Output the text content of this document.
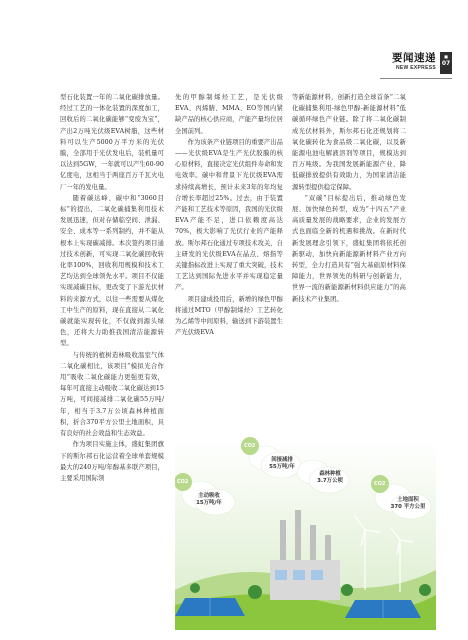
要闻速递
NEW EXPRESS
■
07

型石化装置一年的二氧化碳排放量。经过工艺的一体化装置的深度加工，回收后的二氧化碳能够“变废为宝”，产出2万吨光伏级EVA树脂，这些材料可以生产5000万平方米的光伏膜，全部用于光伏发电后，装机量可以达到5GW，一年就可以产生60-90亿度电，这相当于两座百万千瓦火电厂一年的发电量。

随着碳达峰、碳中和“3060目标”的提出，二氧化碳捕集利用技术发展迅速，但对存储临空间、泄漏、安全、成本等一系列制约，并不能从根本上实现碳减排。本次签约项目通过技术创新，可实现二氧化碳回收转化率100%，回收利用规模和技术工艺均达到全球领先水平。项目不仅能实现减碳目标，更改变了下游光伏材料的来源方式，以往一些需要从煤化工中生产的原料，现在直接从二氧化碳就能实现转化，不仅做到源头绿色，还将大力助推我国清洁能源转型。

与传统的植树造林吸收温室气体二氧化碳相比，该项目“模拟光合作用”吸收二氧化碳能力更强更有效，每年可直接主动吸收二氧化碳达到15万吨，可间接减排二氧化碳55万吨/年，相当于3.7万公顷森林种植面积，折合370平方公里土地面积，具有良好的社会效益和生态效益。

作为项目实施主体，盛虹集团旗下的斯尔邦石化运营着全球单套规模最大的240万吨/年醇基多联产项目，主要采用国际领

先的甲醇制烯烃工艺，是光伏级EVA、丙烯腈、MMA、EO等国内紧缺产品的核心供应商，产能产量均位居全国前列。

作为该条产业链项目的重要产出品——光伏级EVA是生产光伏胶膜的核心原材料，直接决定光伏组件寿命和发电效率。碳中和背景下光伏级EVA需求持续高增长，预计未来3年的年均复合增长率超过25%。过去，由于装置产能和工艺技术等原因，我国的光伏级EVA产能不足，进口依赖度高达70%，极大影响了光伏行业的产能释放。斯尔邦石化通过专项技术攻关，自主研发的光伏级EVA在晶点、熔指等关键指标改进上实现了重大突破，技术工艺达到国际先进水平并实现稳定量产。

项目建成投用后，新增的绿色甲醇将通过MTO（甲醇制烯烃）工艺转化为乙烯等中间原料，输送到下游装置生产光伏级EVA

等新能源材料，创新打造全球首条“二氧化碳捕集利用-绿色甲醇-新能源材料”低碳循环绿色产业链。除了将二氧化碳制成光伏材料外，斯尔邦石化还规划将二氧化碳转化为食品级二氧化碳，以及新能源电池电解液溶剂等项目，规模达到百万吨级。为我国发展新能源产业、降低碳排放提供有效助力，为国家清洁能源转型提供稳定保障。

“双碳”目标提出后，推动绿色发展、加快绿色转型，成为“十四五”产业高质量发展的战略要求，企业的发展方式也面临全新的机遇和挑战。在新时代新发展理念引领下，盛虹集团将依托创新驱动，加快向新能源新材料产业方向转型，全力打造具有“强大基础原材料保障能力，世界领先的科研与创新能力，世界一流的新能源新材料供应能力”的高新技术产业集团。

CO2
CO2
CO2
间接减排
55万吨/年
森林种植
3.7万公顷
主动吸收
15万吨/年	土地面积
370 平方公里
